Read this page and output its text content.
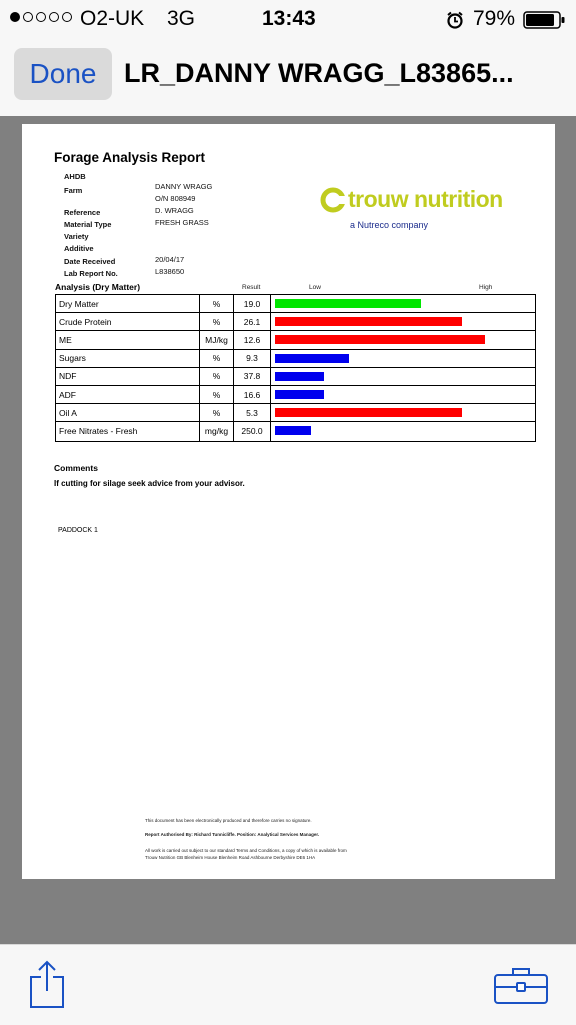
O2-UK 3G	13:43	79%
Done	LR_DANNY WRAGG_L83865...
Forage Analysis Report
AHDB
Farm	DANNY WRAGG
O/N 808949
Reference	D. WRAGG
Material Type	FRESH GRASS
Variety
Additive
Date Received	20/04/17
Lab Report No.	L838650
trouw nutrition
a Nutreco company
Analysis (Dry Matter)	Result	Low	High
Dry Matter	%	19.0
Crude Protein	%	26.1
ME	MJ/kg	12.6
Sugars	%	9.3
NDF	%	37.8
ADF	%	16.6
Oil A	%	5.3
Free Nitrates - Fresh	mg/kg	250.0
Comments
If cutting for silage seek advice from your advisor.
PADDOCK 1
This document has been electronically produced and therefore carries no signature.
Report Authorised By: Richard Tunnicliffe. Position: Analytical Services Manager.
All work is carried out subject to our standard Terms and Conditions, a copy of which is available from
Trouw Nutrition GB Blenheim House Blenheim Road Ashbourne Derbyshire DE6 1HA
